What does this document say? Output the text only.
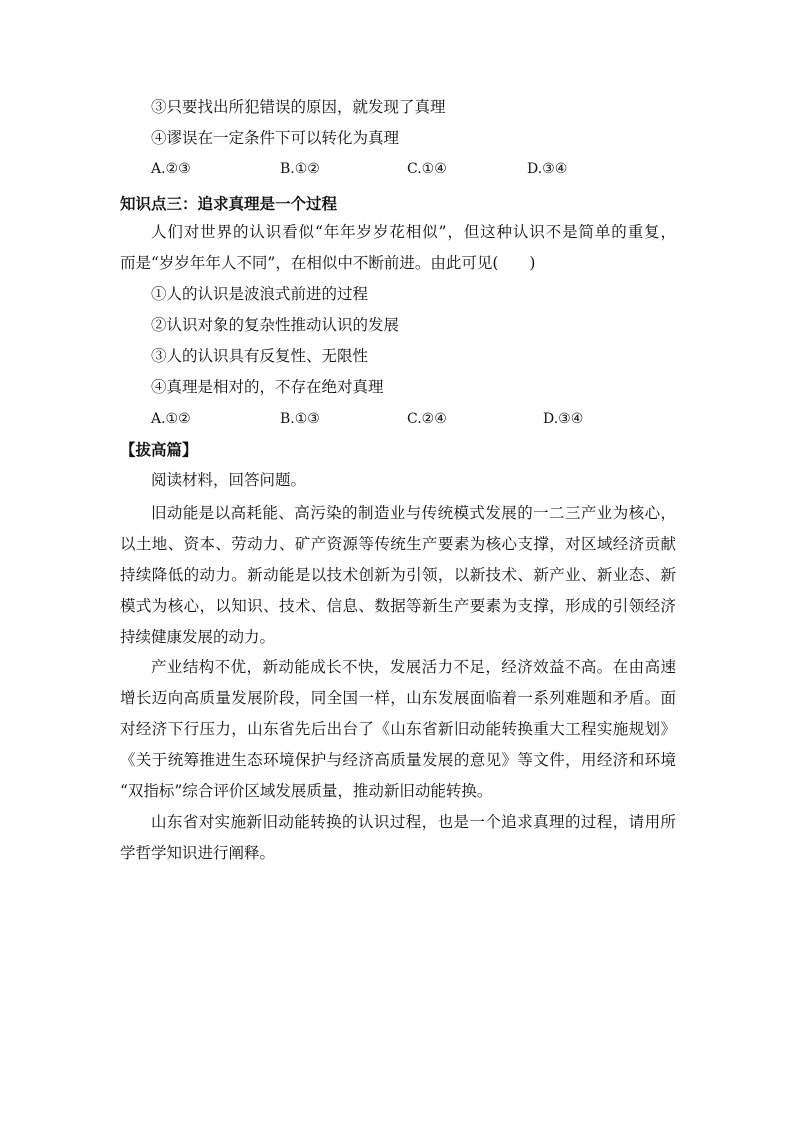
③只要找出所犯错误的原因，就发现了真理
④谬误在一定条件下可以转化为真理
A.②③	B.①②	C.①④	D.③④
知识点三：追求真理是一个过程
人们对世界的认识看似“年年岁岁花相似”，但这种认识不是简单的重复，
而是“岁岁年年人不同”，在相似中不断前进。由此可见(　　)
①人的认识是波浪式前进的过程
②认识对象的复杂性推动认识的发展
③人的认识具有反复性、无限性
④真理是相对的，不存在绝对真理
A.①②	B.①③	C.②④	D.③④
【拔高篇】
阅读材料，回答问题。
旧动能是以高耗能、高污染的制造业与传统模式发展的一二三产业为核心，
以土地、资本、劳动力、矿产资源等传统生产要素为核心支撑，对区域经济贡献
持续降低的动力。新动能是以技术创新为引领，以新技术、新产业、新业态、新
模式为核心，以知识、技术、信息、数据等新生产要素为支撑，形成的引领经济
持续健康发展的动力。
产业结构不优，新动能成长不快，发展活力不足，经济效益不高。在由高速
增长迈向高质量发展阶段，同全国一样，山东发展面临着一系列难题和矛盾。面
对经济下行压力，山东省先后出台了《山东省新旧动能转换重大工程实施规划》
《关于统筹推进生态环境保护与经济高质量发展的意见》等文件，用经济和环境
“双指标”综合评价区域发展质量，推动新旧动能转换。
山东省对实施新旧动能转换的认识过程，也是一个追求真理的过程，请用所
学哲学知识进行阐释。
